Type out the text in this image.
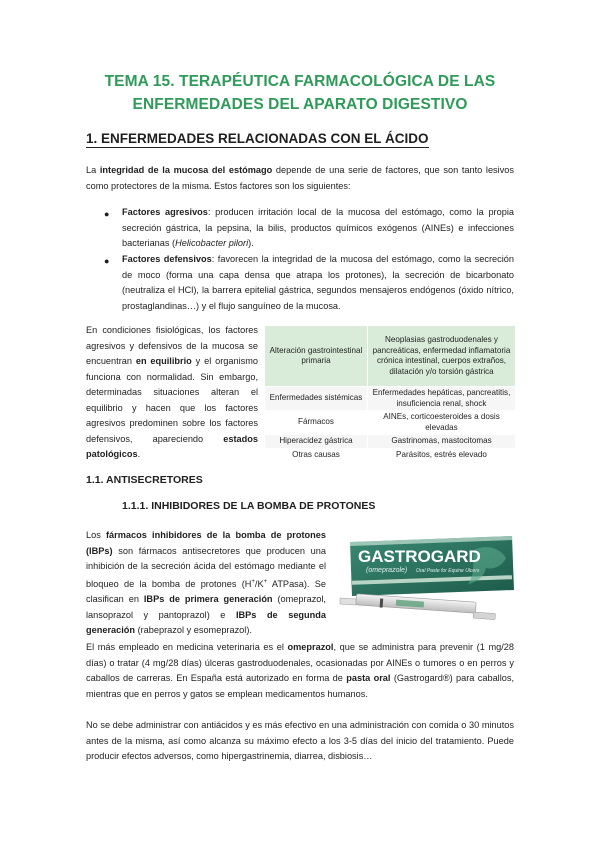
TEMA 15. TERAPÉUTICA FARMACOLÓGICA DE LAS
ENFERMEDADES DEL APARATO DIGESTIVO
1. ENFERMEDADES RELACIONADAS CON EL ÁCIDO

La integridad de la mucosa del estómago depende de una serie de factores, que son tanto lesivos como protectores de la misma. Estos factores son los siguientes:

● Factores agresivos: producen irritación local de la mucosa del estómago, como la propia secreción gástrica, la pepsina, la bilis, productos químicos exógenos (AINEs) e infecciones bacterianas (Helicobacter pilori).
● Factores defensivos: favorecen la integridad de la mucosa del estómago, como la secreción de moco (forma una capa densa que atrapa los protones), la secreción de bicarbonato (neutraliza el HCl), la barrera epitelial gástrica, segundos mensajeros endógenos (óxido nítrico, prostaglandinas…) y el flujo sanguíneo de la mucosa.
En condiciones fisiológicas, los factores agresivos y defensivos de la mucosa se encuentran en equilibrio y el organismo funciona con normalidad. Sin embargo, determinadas situaciones alteran el equilibrio y hacen que los factores agresivos predominen sobre los factores defensivos, apareciendo estados patológicos.
Alteración gastrointestinal primaria	Neoplasias gastroduodenales y pancreáticas, enfermedad inflamatoria crónica intestinal, cuerpos extraños, dilatación y/o torsión gástrica
Enfermedades sistémicas	Enfermedades hepáticas, pancreatitis, insuficiencia renal, shock
Fármacos	AINEs, corticoesteroides a dosis elevadas
Hiperacidez gástrica	Gastrinomas, mastocitomas
Otras causas	Parásitos, estrés elevado
1.1. ANTISECRETORES
1.1.1. INHIBIDORES DE LA BOMBA DE PROTONES
Los fármacos inhibidores de la bomba de protones (IBPs) son fármacos antisecretores que producen una inhibición de la secreción ácida del estómago mediante el bloqueo de la bomba de protones (H+/K+ ATPasa). Se clasifican en IBPs de primera generación (omeprazol, lansoprazol y pantoprazol) e IBPs de segunda generación (rabeprazol y esomeprazol).
GASTROGARD
(omeprazole) Oral Paste for Equine Ulcers

El más empleado en medicina veterinaria es el omeprazol, que se administra para prevenir (1 mg/28 días) o tratar (4 mg/28 días) úlceras gastroduodenales, ocasionadas por AINEs o tumores o en perros y caballos de carreras. En España está autorizado en forma de pasta oral (Gastrogard®) para caballos, mientras que en perros y gatos se emplean medicamentos humanos.

No se debe administrar con antiácidos y es más efectivo en una administración con comida o 30 minutos antes de la misma, así como alcanza su máximo efecto a los 3-5 días del inicio del tratamiento. Puede producir efectos adversos, como hipergastrinemia, diarrea, disbiosis…
